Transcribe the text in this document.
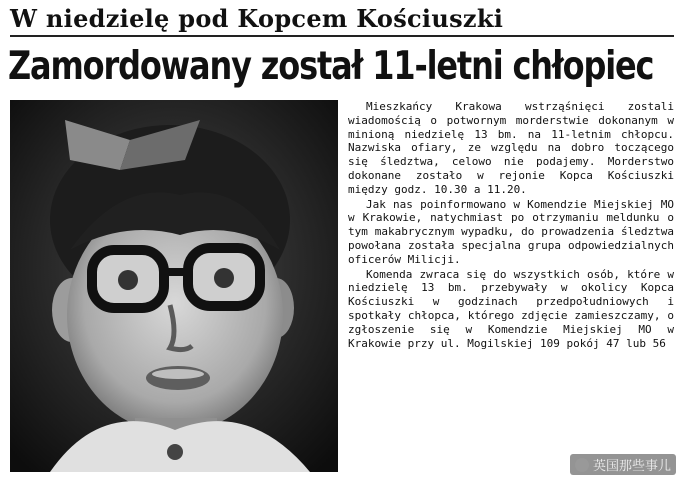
W niedzielę pod Kopcem Kościuszki
Zamordowany został 11-letni chłopiec

Mieszkańcy Krakowa wstrząśnięci zostali wiadomością o potwornym morderstwie dokonanym w minioną niedzielę 13 bm. na 11-letnim chłopcu. Nazwiska ofiary, ze względu na dobro toczącego się śledztwa, celowo nie podajemy. Morderstwo dokonane zostało w rejonie Kopca Kościuszki między godz. 10.30 a 11.20.

Jak nas poinformowano w Komendzie Miejskiej MO w Krakowie, natychmiast po otrzymaniu meldunku o tym makabrycznym wypadku, do prowadzenia śledztwa powołana została specjalna grupa odpowiedzialnych oficerów Milicji.

Komenda zwraca się do wszystkich osób, które w niedzielę 13 bm. przebywały w okolicy Kopca Kościuszki w godzinach przedpołudniowych i spotkały chłopca, którego zdjęcie zamieszczamy, o zgłoszenie się w Komendzie Miejskiej MO w Krakowie przy ul. Mogilskiej 109 pokój 47 lub 56

英国那些事儿
